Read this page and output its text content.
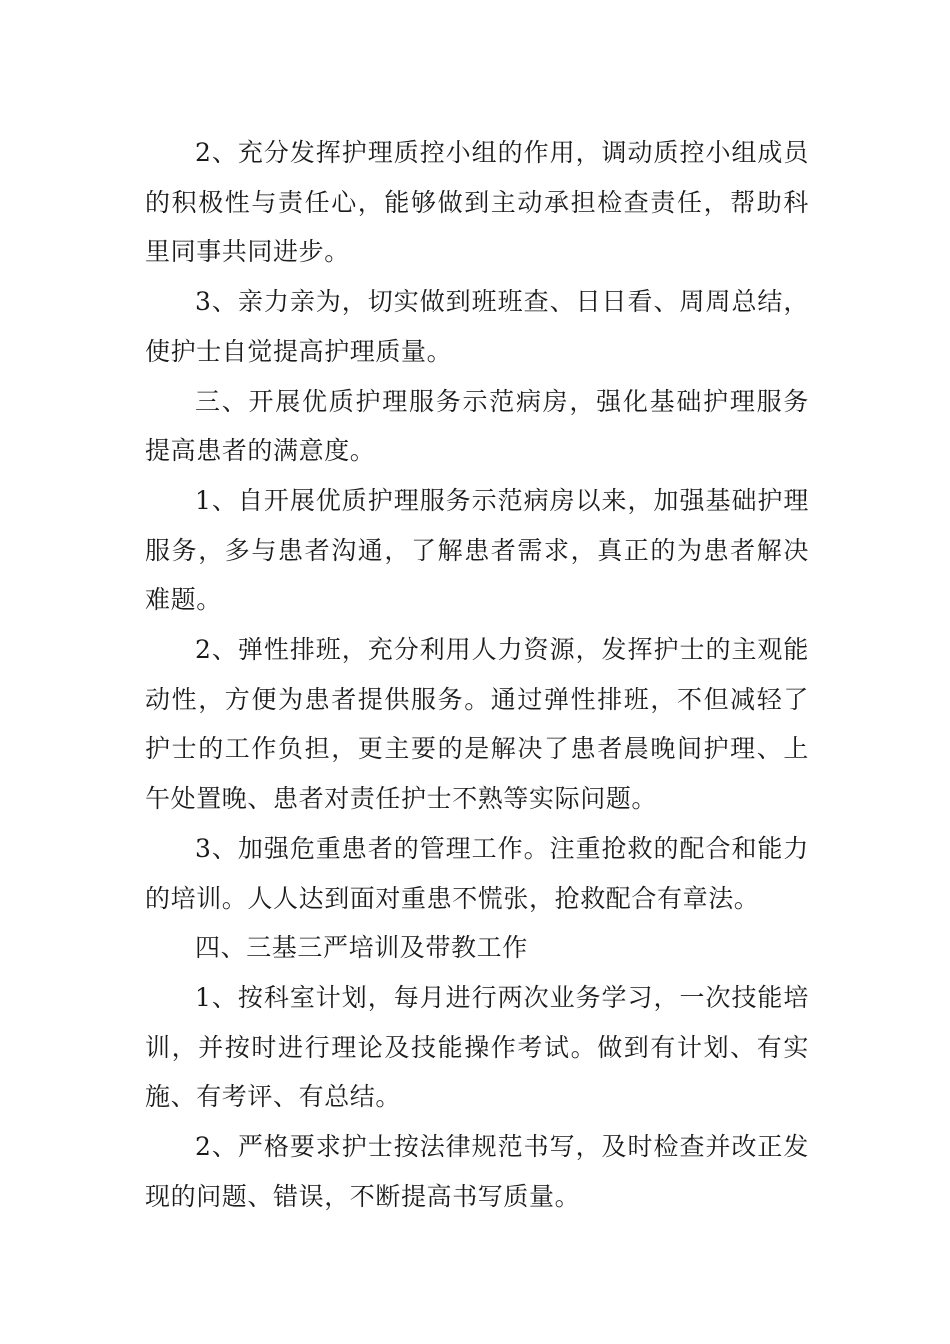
2、充分发挥护理质控小组的作用，调动质控小组成员的积极性与责任心，能够做到主动承担检查责任，帮助科里同事共同进步。

3、亲力亲为，切实做到班班查、日日看、周周总结，使护士自觉提高护理质量。

三、开展优质护理服务示范病房，强化基础护理服务提高患者的满意度。

1、自开展优质护理服务示范病房以来，加强基础护理服务，多与患者沟通，了解患者需求，真正的为患者解决难题。

2、弹性排班，充分利用人力资源，发挥护士的主观能动性，方便为患者提供服务。通过弹性排班，不但减轻了护士的工作负担，更主要的是解决了患者晨晚间护理、上午处置晚、患者对责任护士不熟等实际问题。

3、加强危重患者的管理工作。注重抢救的配合和能力的培训。人人达到面对重患不慌张，抢救配合有章法。

四、三基三严培训及带教工作

1、按科室计划，每月进行两次业务学习，一次技能培训，并按时进行理论及技能操作考试。做到有计划、有实施、有考评、有总结。

2、严格要求护士按法律规范书写，及时检查并改正发现的问题、错误，不断提高书写质量。
